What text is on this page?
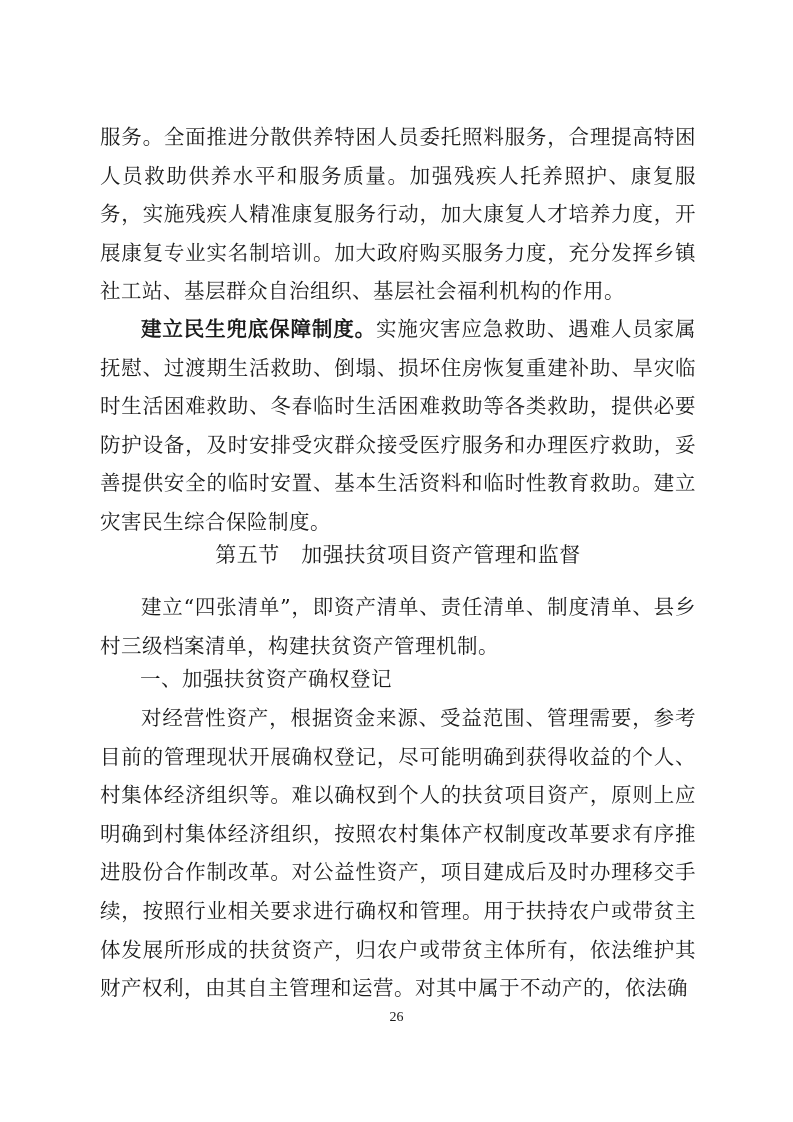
服务。全面推进分散供养特困人员委托照料服务，合理提高特困人员救助供养水平和服务质量。加强残疾人托养照护、康复服务，实施残疾人精准康复服务行动，加大康复人才培养力度，开展康复专业实名制培训。加大政府购买服务力度，充分发挥乡镇社工站、基层群众自治组织、基层社会福利机构的作用。

建立民生兜底保障制度。实施灾害应急救助、遇难人员家属抚慰、过渡期生活救助、倒塌、损坏住房恢复重建补助、旱灾临时生活困难救助、冬春临时生活困难救助等各类救助，提供必要防护设备，及时安排受灾群众接受医疗服务和办理医疗救助，妥善提供安全的临时安置、基本生活资料和临时性教育救助。建立灾害民生综合保险制度。

第五节　加强扶贫项目资产管理和监督

建立“四张清单”，即资产清单、责任清单、制度清单、县乡村三级档案清单，构建扶贫资产管理机制。

一、加强扶贫资产确权登记

对经营性资产，根据资金来源、受益范围、管理需要，参考目前的管理现状开展确权登记，尽可能明确到获得收益的个人、村集体经济组织等。难以确权到个人的扶贫项目资产，原则上应明确到村集体经济组织，按照农村集体产权制度改革要求有序推进股份合作制改革。对公益性资产，项目建成后及时办理移交手续，按照行业相关要求进行确权和管理。用于扶持农户或带贫主体发展所形成的扶贫资产，归农户或带贫主体所有，依法维护其财产权利，由其自主管理和运营。对其中属于不动产的，依法确

26
